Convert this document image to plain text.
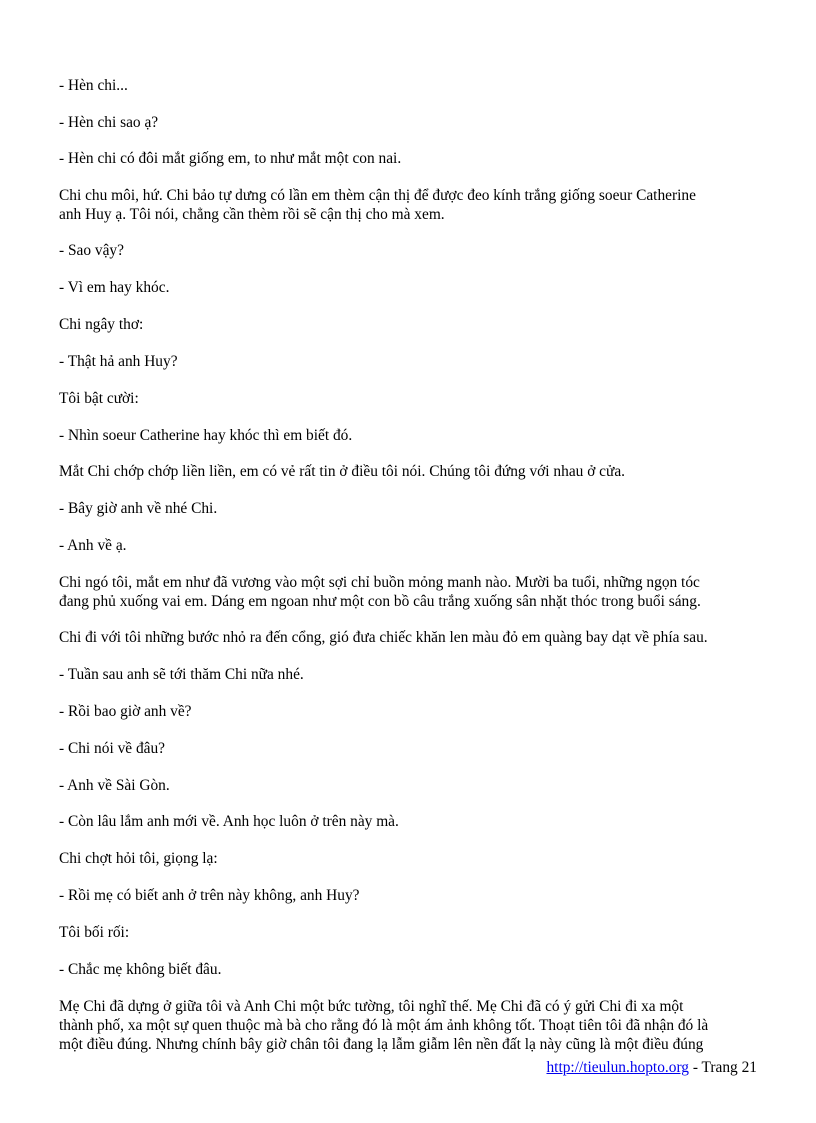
- Hèn chi...
- Hèn chi sao ạ?
- Hèn chi có đôi mắt giống em, to như mắt một con nai.
Chi chu môi, hứ. Chi bảo tự dưng có lần em thèm cận thị để được đeo kính trắng giống soeur Catherine
anh Huy ạ. Tôi nói, chẳng cần thèm rồi sẽ cận thị cho mà xem.
- Sao vậy?
- Vì em hay khóc.
Chi ngây thơ:
- Thật hả anh Huy?
Tôi bật cười:
- Nhìn soeur Catherine hay khóc thì em biết đó.
Mắt Chi chớp chớp liền liền, em có vẻ rất tin ở điều tôi nói. Chúng tôi đứng với nhau ở cửa.
- Bây giờ anh về nhé Chi.
- Anh về ạ.
Chi ngó tôi, mắt em như đã vương vào một sợi chỉ buồn mỏng manh nào. Mười ba tuổi, những ngọn tóc
đang phủ xuống vai em. Dáng em ngoan như một con bồ câu trắng xuống sân nhặt thóc trong buổi sáng.
Chi đi với tôi những bước nhỏ ra đến cổng, gió đưa chiếc khăn len màu đỏ em quàng bay dạt về phía sau.
- Tuần sau anh sẽ tới thăm Chi nữa nhé.
- Rồi bao giờ anh về?
- Chi nói về đâu?
- Anh về Sài Gòn.
- Còn lâu lắm anh mới về. Anh học luôn ở trên này mà.
Chi chợt hỏi tôi, giọng lạ:
- Rồi mẹ có biết anh ở trên này không, anh Huy?
Tôi bối rối:
- Chắc mẹ không biết đâu.
Mẹ Chi đã dựng ở giữa tôi và Anh Chi một bức tường, tôi nghĩ thế. Mẹ Chi đã có ý gửi Chi đi xa một
thành phố, xa một sự quen thuộc mà bà cho rằng đó là một ám ảnh không tốt. Thoạt tiên tôi đã nhận đó là
một điều đúng. Nhưng chính bây giờ chân tôi đang lạ lẫm giẫm lên nền đất lạ này cũng là một điều đúng
http://tieulun.hopto.org - Trang 21
